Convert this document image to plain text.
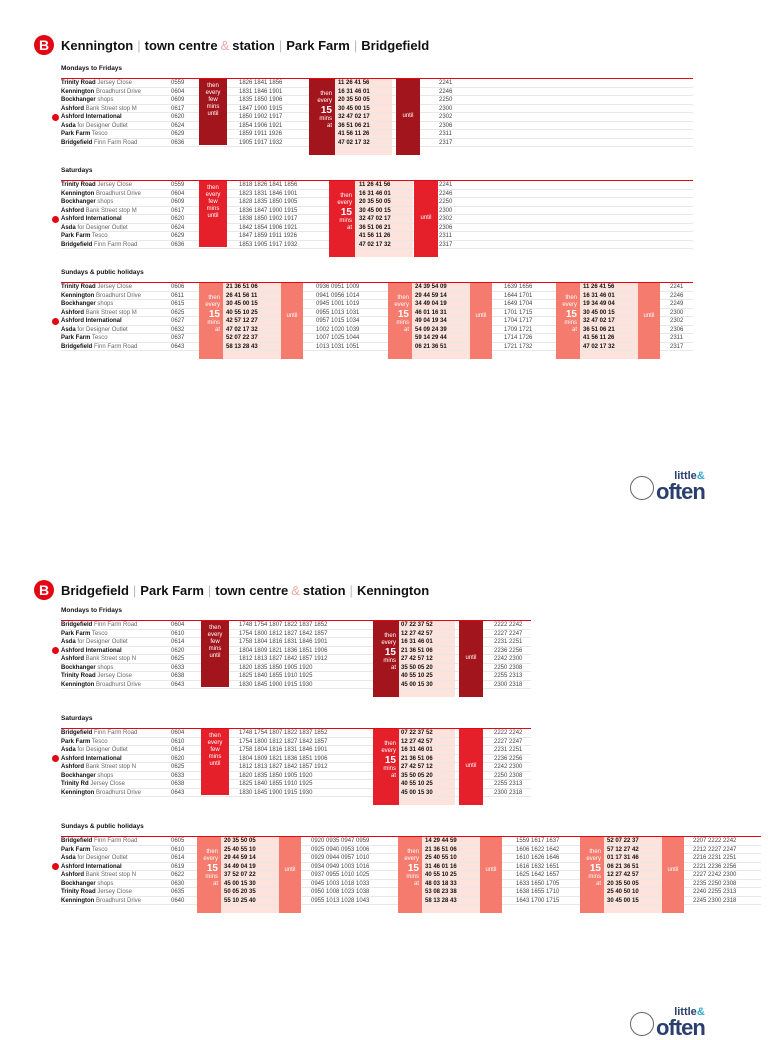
B Kennington | town centre & station | Park Farm | Bridgefield
Mondays to Fridays
Trinity Road Jersey Close	0559	1826 1841 1856	11 26 41 56	2241
Kennington Broadhurst Drive	0604	1831 1846 1901	16 31 46 01	2246
Bockhanger shops	0609	1835 1850 1906	20 35 50 05	2250
Ashford Bank Street stop M	0617	1847 1900 1915	30 45 00 15	2300
Ashford International	0620	1850 1902 1917	32 47 02 17	2302
Asda for Designer Outlet	0624	1854 1906 1921	36 51 06 21	2306
Park Farm Tesco	0629	1859 1911 1926	41 56 11 26	2311
Bridgefield Finn Farm Road	0636	1905 1917 1932	47 02 17 32	2317
then
every
few
mins
until
then
every
15
mins
at
until
Saturdays
Trinity Road Jersey Close	0559	1818 1826 1841 1856	11 26 41 56	2241
Kennington Broadhurst Drive	0604	1823 1831 1846 1901	16 31 46 01	2246
Bockhanger shops	0609	1828 1835 1850 1905	20 35 50 05	2250
Ashford Bank Street stop M	0617	1836 1847 1900 1915	30 45 00 15	2300
Ashford International	0620	1838 1850 1902 1917	32 47 02 17	2302
Asda for Designer Outlet	0624	1842 1854 1906 1921	36 51 06 21	2306
Park Farm Tesco	0629	1847 1859 1911 1926	41 56 11 26	2311
Bridgefield Finn Farm Road	0636	1853 1905 1917 1932	47 02 17 32	2317
then
every
few
mins
until
then
every
15
mins
at
until
Sundays & public holidays
Trinity Road Jersey Close	0606	21 36 51 06	0936 0951 1009	24 39 54 09	1639 1656	11 26 41 56	2241
Kennington Broadhurst Drive	0611	26 41 56 11	0941 0956 1014	29 44 59 14	1644 1701	16 31 46 01	2246
Bockhanger shops	0615	30 45 00 15	0945 1001 1019	34 49 04 19	1649 1704	19 34 49 04	2249
Ashford Bank Street stop M	0625	40 55 10 25	0955 1013 1031	46 01 16 31	1701 1715	30 45 00 15	2300
Ashford International	0627	42 57 12 27	0957 1015 1034	49 04 19 34	1704 1717	32 47 02 17	2302
Asda for Designer Outlet	0632	47 02 17 32	1002 1020 1039	54 09 24 39	1709 1721	36 51 06 21	2306
Park Farm Tesco	0637	52 07 22 37	1007 1025 1044	59 14 29 44	1714 1726	41 56 11 26	2311
Bridgefield Finn Farm Road	0643	58 13 28 43	1013 1031 1051	06 21 36 51	1721 1732	47 02 17 32	2317
then
every
15
mins
at
until
then
every
15
mins
at
until
then
every
15
mins
at
until
little&
often
B Bridgefield | Park Farm | town centre & station | Kennington
Mondays to Fridays
Bridgefield Finn Farm Road	0604	1748 1754 1807 1822 1837 1852	07 22 37 52	2222 2242
Park Farm Tesco	0610	1754 1800 1812 1827 1842 1857	12 27 42 57	2227 2247
Asda for Designer Outlet	0614	1758 1804 1816 1831 1846 1901	16 31 46 01	2231 2251
Ashford International	0620	1804 1809 1821 1836 1851 1906	21 36 51 06	2236 2256
Ashford Bank Street stop N	0625	1812 1813 1827 1842 1857 1912	27 42 57 12	2242 2300
Bockhanger shops	0633	1820 1835 1850 1905 1920	35 50 05 20	2250 2308
Trinity Road Jersey Close	0638	1825 1840 1855 1910 1925	40 55 10 25	2255 2313
Kennington Broadhurst Drive	0643	1830 1845 1900 1915 1930	45 00 15 30	2300 2318
then
every
few
mins
until
then
every
15
mins
at
until
Saturdays
Bridgefield Finn Farm Road	0604	1748 1754 1807 1822 1837 1852	07 22 37 52	2222 2242
Park Farm Tesco	0610	1754 1800 1812 1827 1842 1857	12 27 42 57	2227 2247
Asda for Designer Outlet	0614	1758 1804 1816 1831 1846 1901	16 31 46 01	2231 2251
Ashford International	0620	1804 1809 1821 1836 1851 1906	21 36 51 06	2236 2256
Ashford Bank Street stop N	0625	1812 1813 1827 1842 1857 1912	27 42 57 12	2242 2300
Bockhanger shops	0633	1820 1835 1850 1905 1920	35 50 05 20	2250 2308
Trinity Rd Jersey Close	0638	1825 1840 1855 1910 1925	40 55 10 25	2255 2313
Kennington Broadhurst Drive	0643	1830 1845 1900 1915 1930	45 00 15 30	2300 2318
then
every
few
mins
until
then
every
15
mins
at
until
Sundays & public holidays
Bridgefield Finn Farm Road	0605	20 35 50 05	0920 0935 0947 0959	14 29 44 59	1559 1617 1637	52 07 22 37	2207 2222 2242
Park Farm Tesco	0610	25 40 55 10	0925 0940 0953 1006	21 36 51 06	1606 1622 1642	57 12 27 42	2212 2227 2247
Asda for Designer Outlet	0614	29 44 59 14	0929 0944 0957 1010	25 40 55 10	1610 1626 1646	01 17 31 46	2216 2231 2251
Ashford International	0619	34 49 04 19	0934 0949 1003 1016	31 46 01 16	1616 1632 1651	06 21 36 51	2221 2236 2256
Ashford Bank Street stop N	0622	37 52 07 22	0937 0955 1010 1025	40 55 10 25	1625 1642 1657	12 27 42 57	2227 2242 2300
Bockhanger shops	0630	45 00 15 30	0945 1003 1018 1033	48 03 18 33	1633 1650 1705	20 35 50 05	2235 2250 2308
Trinity Road Jersey Close	0635	50 05 20 35	0950 1008 1023 1038	53 08 23 38	1638 1655 1710	25 40 50 10	2240 2255 2313
Kennington Broadhurst Drive	0640	55 10 25 40	0955 1013 1028 1043	58 13 28 43	1643 1700 1715	30 45 00 15	2245 2300 2318
then
every
15
mins
at
until
then
every
15
mins
at
until
then
every
15
mins
at
until
little&
often
